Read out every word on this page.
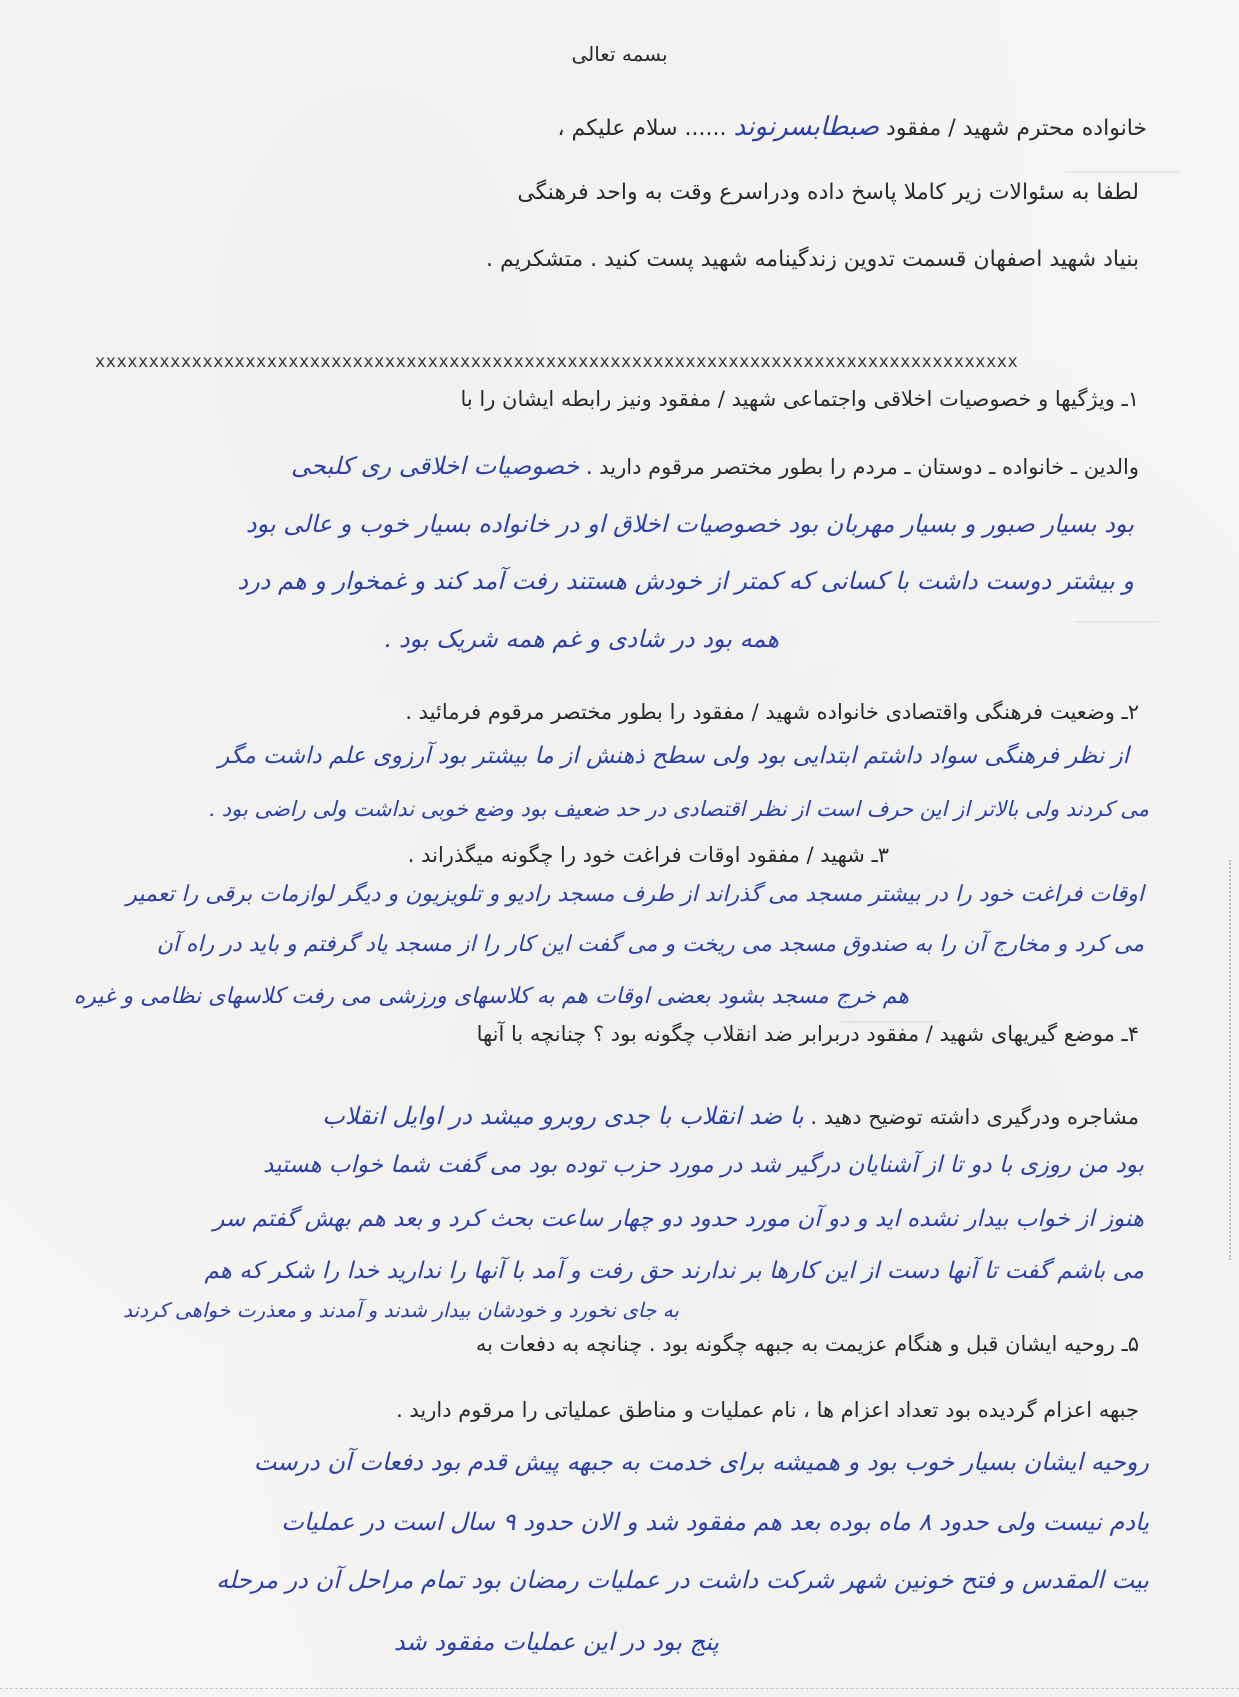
ـــــــــــــــ
ـــــــــــ
ـــــــــــــ
بسمه تعالی
خانواده محترم شهید / مفقود صبطابسرنوند ...... سلام علیکم ،
لطفا به سئوالات زیر کاملا پاسخ داده ودراسرع وقت به واحد فرهنگی
بنیاد شهید اصفهان قسمت تدوین زندگینامه شهید پست کنید . متشکریم .
xxxxxxxxxxxxxxxxxxxxxxxxxxxxxxxxxxxxxxxxxxxxxxxxxxxxxxxxxxxxxxxxxxxxxxxxxxxxxxxxxxxxxx
۱ـ ویژگیها و خصوصیات اخلاقی واجتماعی شهید / مفقود ونیز رابطه ایشان را با
والدین ـ خانواده ـ دوستان ـ مردم را بطور مختصر مرقوم دارید . خصوصیات اخلاقی ری کلبحی
بود بسیار صبور و بسیار مهربان بود خصوصیات اخلاق او در خانواده بسیار خوب و عالی بود
و بیشتر دوست داشت با کسانی که کمتر از خودش هستند رفت آمد کند و غمخوار و هم درد
همه بود در شادی و غم همه شریک بود .
۲ـ وضعیت فرهنگی واقتصادی خانواده شهید / مفقود را بطور مختصر مرقوم فرمائید .
از نظر فرهنگی سواد داشتم ابتدایی بود ولی سطح ذهنش از ما بیشتر بود آرزوی علم داشت مگر
می کردند ولی بالاتر از این حرف است از نظر اقتصادی در حد ضعیف بود وضع خوبی نداشت ولی راضی بود .
۳ـ شهید / مفقود اوقات فراغت خود را چگونه میگذراند .
اوقات فراغت خود را در بیشتر مسجد می گذراند از طرف مسجد رادیو و تلویزیون و دیگر لوازمات برقی را تعمیر
می کرد و مخارج آن را به صندوق مسجد می ریخت و می گفت این کار را از مسجد یاد گرفتم و باید در راه آن
هم خرج مسجد بشود بعضی اوقات هم به کلاسهای ورزشی می رفت کلاسهای نظامی و غیره
۴ـ موضع گیریهای شهید / مفقود دربرابر ضد انقلاب چگونه بود ؟ چنانچه با آنها
مشاجره ودرگیری داشته توضیح دهید . با ضد انقلاب با جدی روبرو میشد در اوایل انقلاب
بود من روزی با دو تا از آشنایان درگیر شد در مورد حزب توده بود می گفت شما خواب هستید
هنوز از خواب بیدار نشده اید و دو آن مورد حدود دو چهار ساعت بحث کرد و بعد هم بهش گفتم سر
می باشم گفت تا آنها دست از این کارها بر ندارند حق رفت و آمد با آنها را ندارید خدا را شکر که هم
به جای نخورد و خودشان بیدار شدند و آمدند و معذرت خواهی کردند
۵ـ روحیه ایشان قبل و هنگام عزیمت به جبهه چگونه بود . چنانچه به دفعات به
جبهه اعزام گردیده بود تعداد اعزام ها ، نام عملیات و مناطق عملیاتی را مرقوم دارید .
روحیه ایشان بسیار خوب بود و همیشه برای خدمت به جبهه پیش قدم بود دفعات آن درست
یادم نیست ولی حدود ۸ ماه بوده بعد هم مفقود شد و الان حدود ۹ سال است در عملیات
بیت المقدس و فتح خونین شهر شرکت داشت در عملیات رمضان بود تمام مراحل آن در مرحله
پنج بود در این عملیات مفقود شد
